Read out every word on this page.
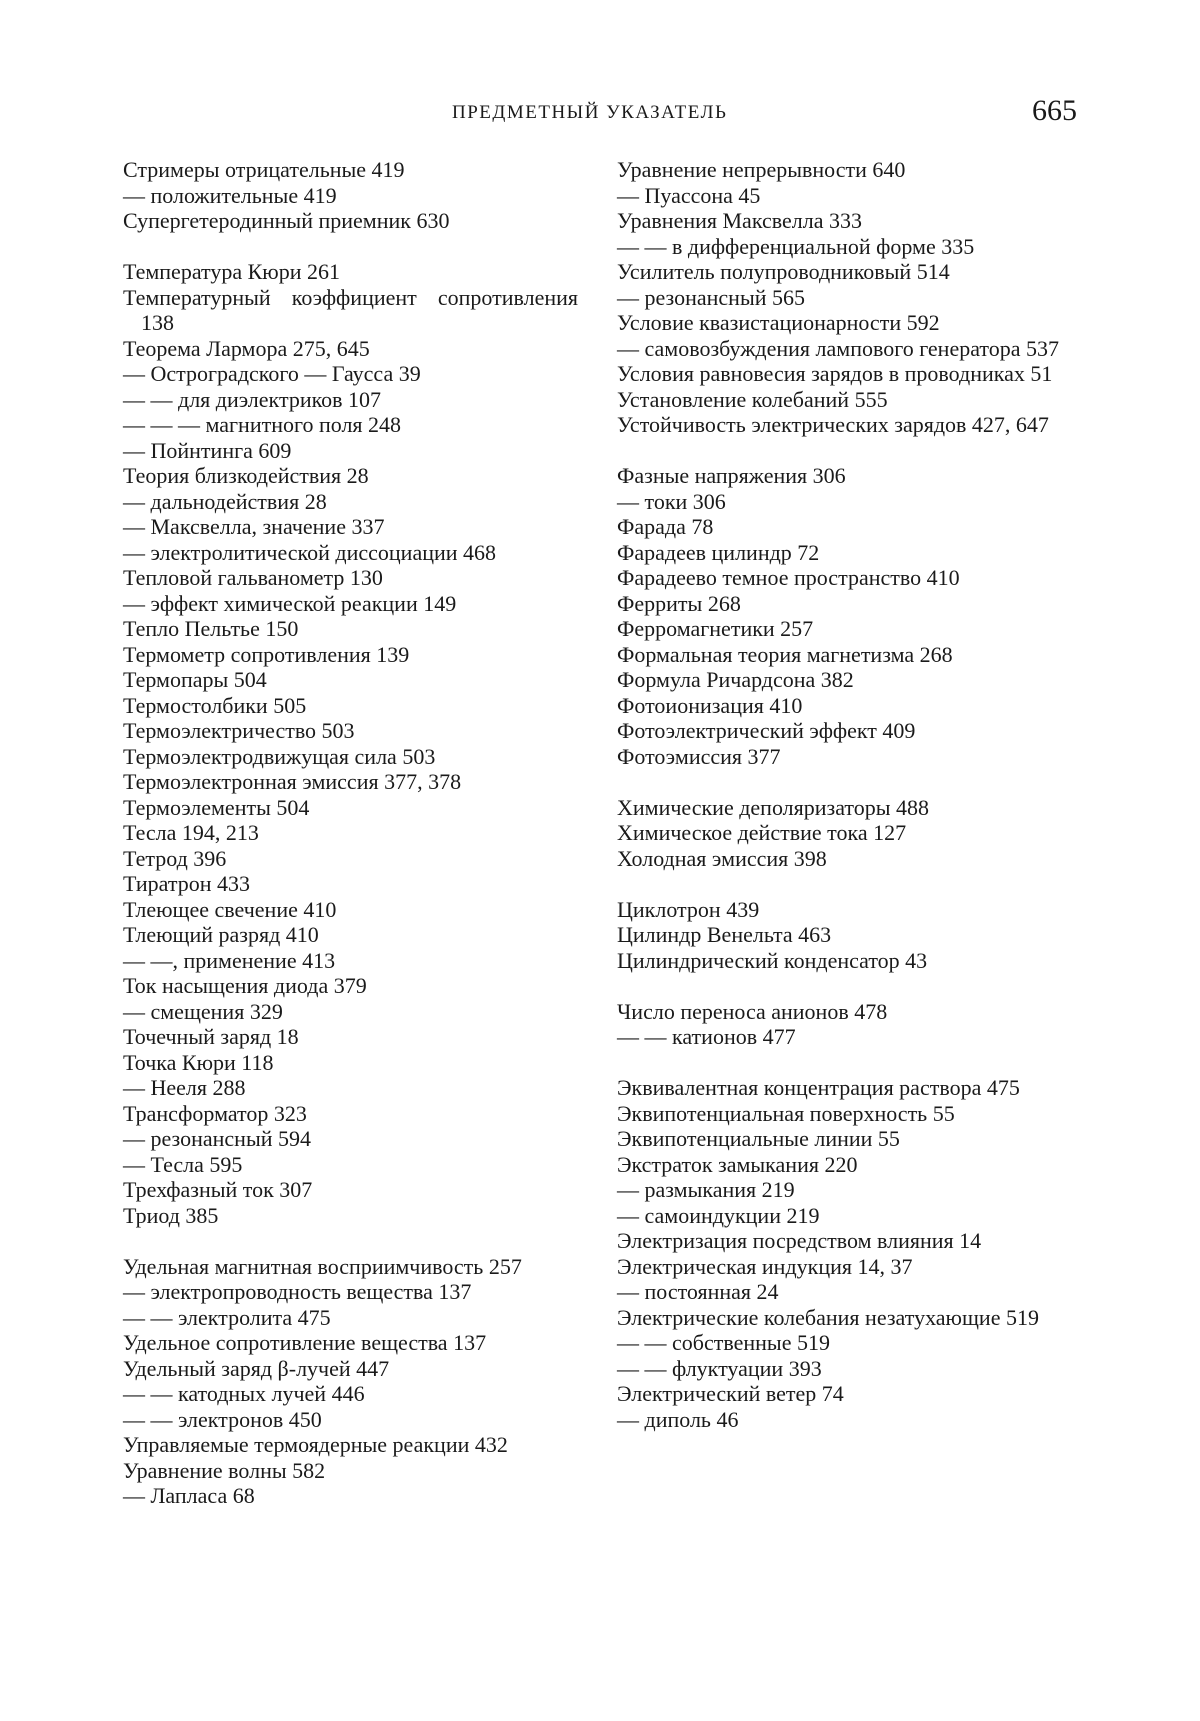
ПРЕДМЕТНЫЙ УКАЗАТЕЛЬ	665
Стримеры отрицательные 419
— положительные 419
Супергетеродинный приемник 630
Температура Кюри 261
Температурный коэффициент сопротивления 138
Теорема Лармора 275, 645
— Остроградского — Гаусса 39
— — для диэлектриков 107
— — — магнитного поля 248
— Пойнтинга 609
Теория близкодействия 28
— дальнодействия 28
— Максвелла, значение 337
— электролитической диссоциации 468
Тепловой гальванометр 130
— эффект химической реакции 149
Тепло Пельтье 150
Термометр сопротивления 139
Термопары 504
Термостолбики 505
Термоэлектричество 503
Термоэлектродвижущая сила 503
Термоэлектронная эмиссия 377, 378
Термоэлементы 504
Тесла 194, 213
Тетрод 396
Тиратрон 433
Тлеющее свечение 410
Тлеющий разряд 410
— —, применение 413
Ток насыщения диода 379
— смещения 329
Точечный заряд 18
Точка Кюри 118
— Нееля 288
Трансформатор 323
— резонансный 594
— Тесла 595
Трехфазный ток 307
Триод 385
Удельная магнитная восприимчивость 257
— электропроводность вещества 137
— — электролита 475
Удельное сопротивление вещества 137
Удельный заряд β-лучей 447
— — катодных лучей 446
— — электронов 450
Управляемые термоядерные реакции 432
Уравнение волны 582
— Лапласа 68
Уравнение непрерывности 640
— Пуассона 45
Уравнения Максвелла 333
— — в дифференциальной форме 335
Усилитель полупроводниковый 514
— резонансный 565
Условие квазистационарности 592
— самовозбуждения лампового генератора 537
Условия равновесия зарядов в проводниках 51
Установление колебаний 555
Устойчивость электрических зарядов 427, 647
Фазные напряжения 306
— токи 306
Фарада 78
Фарадеев цилиндр 72
Фарадеево темное пространство 410
Ферриты 268
Ферромагнетики 257
Формальная теория магнетизма 268
Формула Ричардсона 382
Фотоионизация 410
Фотоэлектрический эффект 409
Фотоэмиссия 377
Химические деполяризаторы 488
Химическое действие тока 127
Холодная эмиссия 398
Циклотрон 439
Цилиндр Венельта 463
Цилиндрический конденсатор 43
Число переноса анионов 478
— — катионов 477
Эквивалентная концентрация раствора 475
Эквипотенциальная поверхность 55
Эквипотенциальные линии 55
Экстраток замыкания 220
— размыкания 219
— самоиндукции 219
Электризация посредством влияния 14
Электрическая индукция 14, 37
— постоянная 24
Электрические колебания незатухающие 519
— — собственные 519
— — флуктуации 393
Электрический ветер 74
— диполь 46
